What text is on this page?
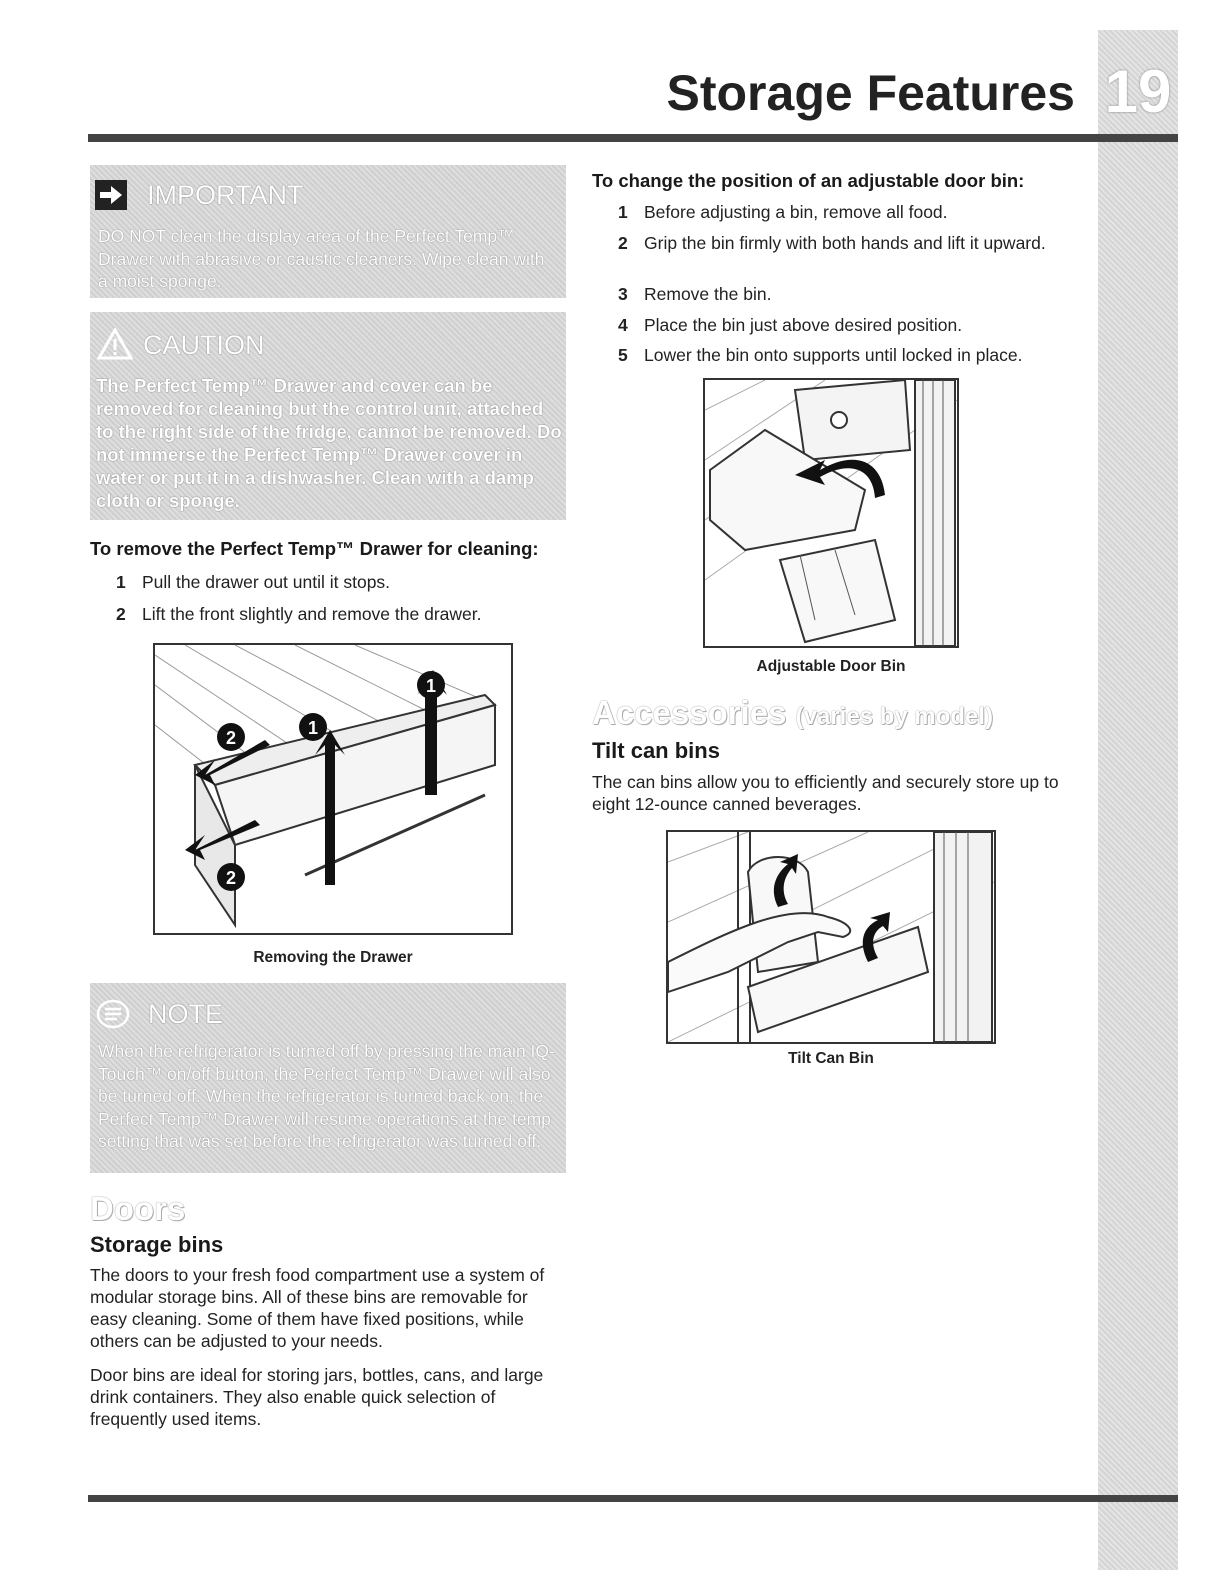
19
Storage Features
IMPORTANT
DO NOT clean the display area of the Perfect Temp™ Drawer with abrasive or caustic cleaners. Wipe clean with a moist sponge.
CAUTION
The Perfect Temp™ Drawer and cover can be removed for cleaning but the control unit, attached to the right side of the fridge, cannot be removed. Do not immerse the Perfect Temp™ Drawer cover in water or put it in a dishwasher. Clean with a damp cloth or sponge.
To remove the Perfect Temp™ Drawer for cleaning:
1 Pull the drawer out until it stops.
2 Lift the front slightly and remove the drawer.
1
1
2
2
Removing the Drawer
NOTE
When the refrigerator is turned off by pressing the main IQ-Touch™ on/off button, the Perfect Temp™ Drawer will also be turned off. When the refrigerator is turned back on, the Perfect Temp™ Drawer will resume operations at the temp setting that was set before the refrigerator was turned off.
Doors
Storage bins
The doors to your fresh food compartment use a system of modular storage bins. All of these bins are removable for easy cleaning. Some of them have fixed positions, while others can be adjusted to your needs.
Door bins are ideal for storing jars, bottles, cans, and large drink containers. They also enable quick selection of frequently used items.
To change the position of an adjustable door bin:
1 Before adjusting a bin, remove all food.
2 Grip the bin firmly with both hands and lift it upward.
3 Remove the bin.
4 Place the bin just above desired position.
5 Lower the bin onto supports until locked in place.
Adjustable Door Bin
Accessories (varies by model)
Tilt can bins
The can bins allow you to efficiently and securely store up to eight 12-ounce canned beverages.
Tilt Can Bin
